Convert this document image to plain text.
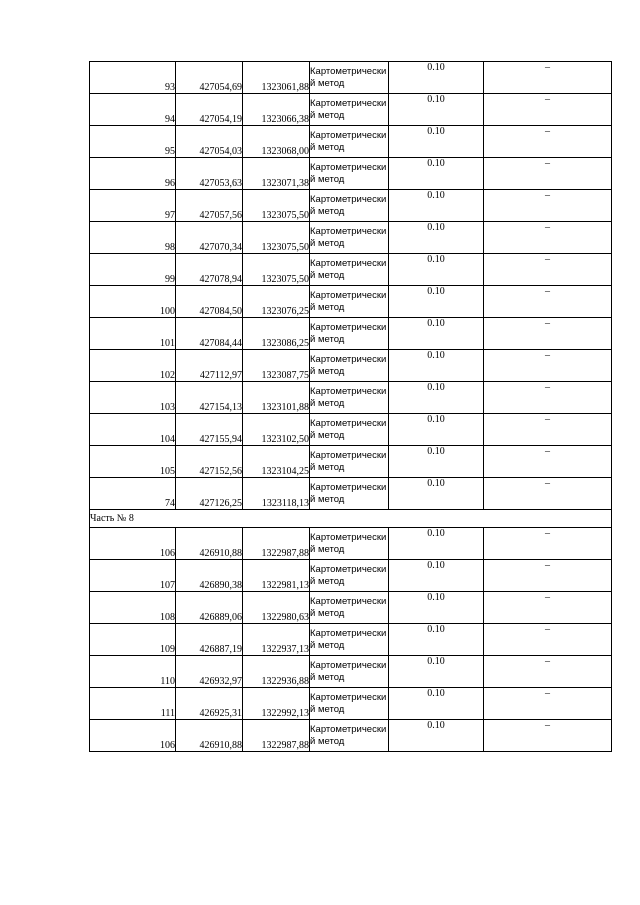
93	427054,69	1323061,88	Картометрический метод	0.10	–
94	427054,19	1323066,38	Картометрический метод	0.10	–
95	427054,03	1323068,00	Картометрический метод	0.10	–
96	427053,63	1323071,38	Картометрический метод	0.10	–
97	427057,56	1323075,50	Картометрический метод	0.10	–
98	427070,34	1323075,50	Картометрический метод	0.10	–
99	427078,94	1323075,50	Картометрический метод	0.10	–
100	427084,50	1323076,25	Картометрический метод	0.10	–
101	427084,44	1323086,25	Картометрический метод	0.10	–
102	427112,97	1323087,75	Картометрический метод	0.10	–
103	427154,13	1323101,88	Картометрический метод	0.10	–
104	427155,94	1323102,50	Картометрический метод	0.10	–
105	427152,56	1323104,25	Картометрический метод	0.10	–
74	427126,25	1323118,13	Картометрический метод	0.10	–
Часть № 8					
106	426910,88	1322987,88	Картометрический метод	0.10	–
107	426890,38	1322981,13	Картометрический метод	0.10	–
108	426889,06	1322980,63	Картометрический метод	0.10	–
109	426887,19	1322937,13	Картометрический метод	0.10	–
110	426932,97	1322936,88	Картометрический метод	0.10	–
111	426925,31	1322992,13	Картометрический метод	0.10	–
106	426910,88	1322987,88	Картометрический метод	0.10	–
